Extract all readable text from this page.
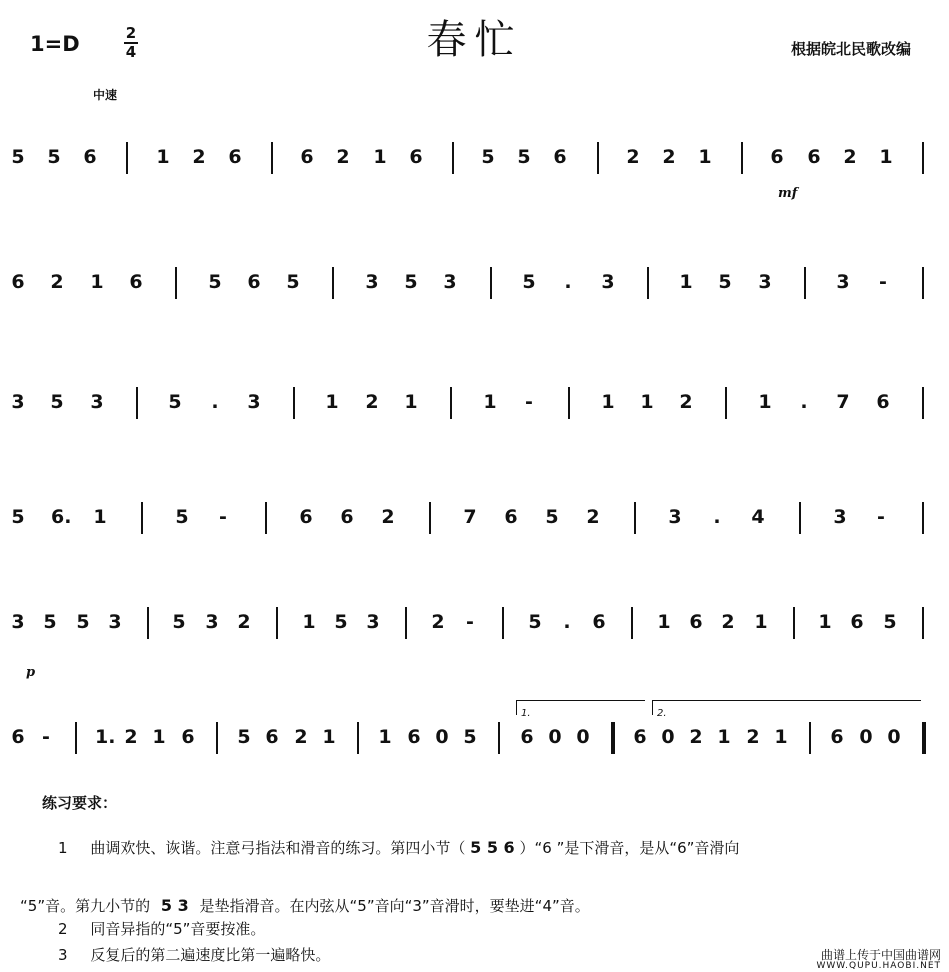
1=D	2
4	春忙	根据皖北民歌改编
中速
mf
p
5 5 6	1 2 6	6 2 1 6	5 5 6	2 2 1	6 6 2 1
6 2 1 6	5 6 5	3 5 3	5 . 3	1 5 3	3 -
3 5 3	5 . 3	1 2 1	1 -	1 1 2	1 . 7 6
5 6. 1	5 -	6 6 2	7 6 5 2	3 . 4	3 -
3 5 5 3	5 3 2	1 5 3	2 -	5 . 6	1 6 2 1	1 6 5
6 - 1. 2 1 6 5 6 2 1 1 6 0 5 6 0 0 6 0 2 1 2 1 6 0 0
1.	2.
练习要求：
1 曲调欢快、诙谐。注意弓指法和滑音的练习。第四小节（ 5 5 6 ）“6 ”是下滑音，是从“6”音滑向
“5”音。第九小节的 5 3 是垫指滑音。在内弦从“5”音向“3”音滑时，要垫进“4”音。
2 同音异指的“5”音要按准。
3 反复后的第二遍速度比第一遍略快。	曲谱上传于中国曲谱网
WWW.QUPU.HAOBI.NET
